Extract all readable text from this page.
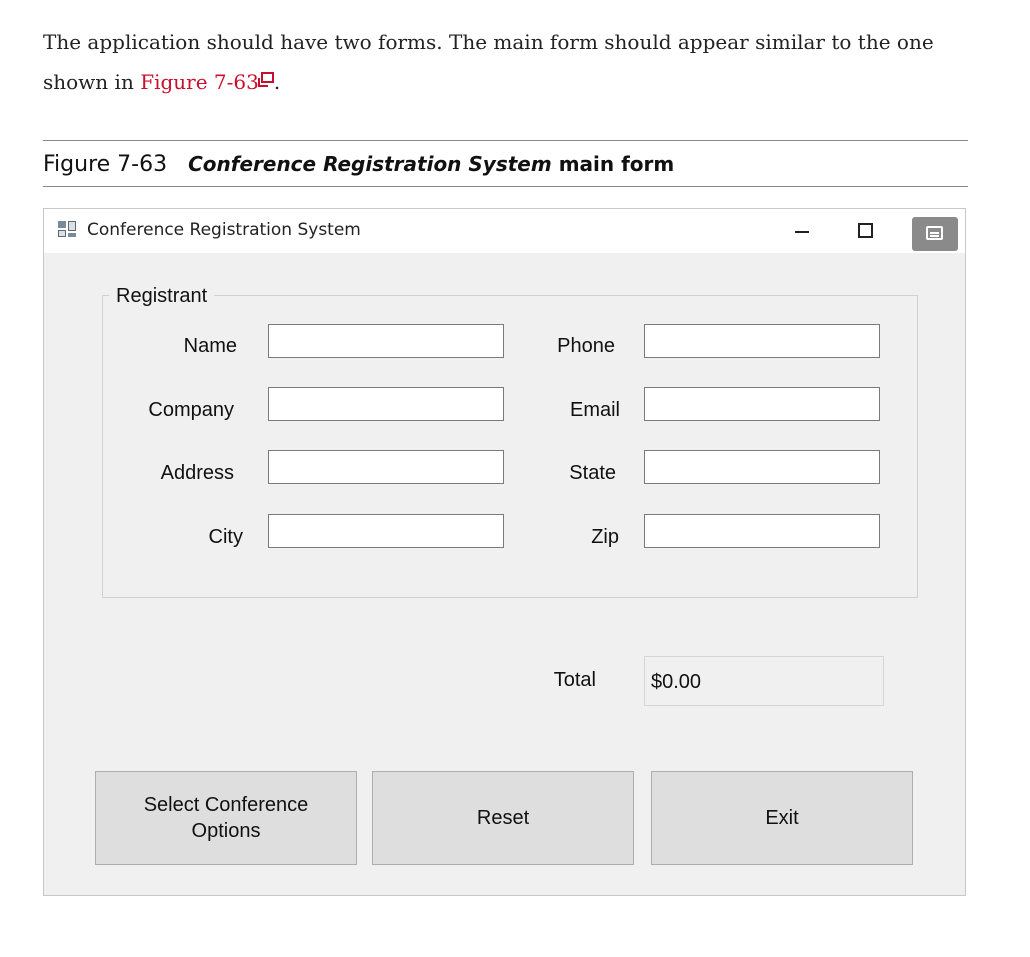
The application should have two forms. The main form should appear similar to the one shown in Figure 7-63 .
Figure 7-63 Conference Registration System main form
Conference Registration System
Registrant
Name
Company
Address
City
Phone
Email
State
Zip
Total	$0.00
Select Conference Options
Reset	Exit
